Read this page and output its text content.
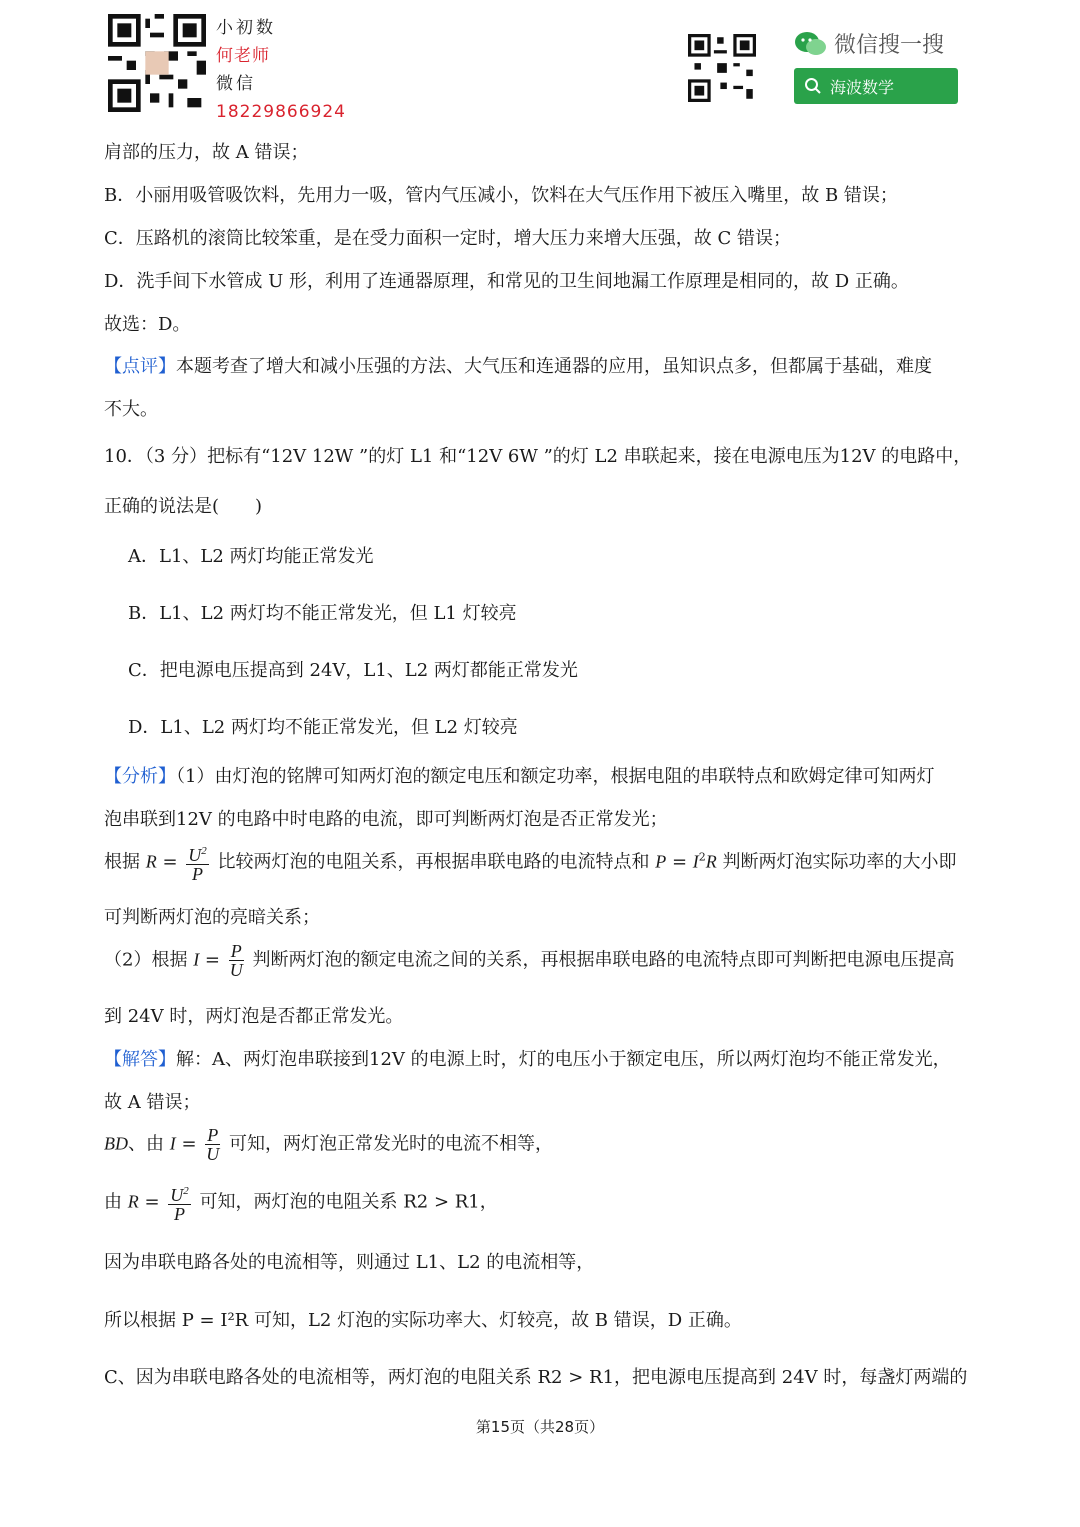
小初数
何老师
微信
18229866924
微信搜一搜
海波数学
肩部的压力，故 A 错误；
B．小丽用吸管吸饮料，先用力一吸，管内气压减小，饮料在大气压作用下被压入嘴里，故 B 错误；
C．压路机的滚筒比较笨重，是在受力面积一定时，增大压力来增大压强，故 C 错误；
D．洗手间下水管成 U 形，利用了连通器原理，和常见的卫生间地漏工作原理是相同的，故 D 正确。
故选：D。
【点评】本题考查了增大和减小压强的方法、大气压和连通器的应用，虽知识点多，但都属于基础，难度
不大。
10．（3 分）把标有“12V 12W ”的灯 L1 和“12V 6W ”的灯 L2 串联起来，接在电源电压为12V 的电路中，
正确的说法是(　　)
A．L1、L2 两灯均能正常发光
B．L1、L2 两灯均不能正常发光，但 L1 灯较亮
C．把电源电压提高到 24V，L1、L2 两灯都能正常发光
D．L1、L2 两灯均不能正常发光，但 L2 灯较亮
【分析】（1）由灯泡的铭牌可知两灯泡的额定电压和额定功率，根据电阻的串联特点和欧姆定律可知两灯
泡串联到12V 的电路中时电路的电流，即可判断两灯泡是否正常发光；
根据 $R = \frac{U^2}{P}$ 比较两灯泡的电阻关系，再根据串联电路的电流特点和 $P = I^2R$ 判断两灯泡实际功率的大小即
可判断两灯泡的亮暗关系；
（2）根据 $I = \frac{P}{U}$ 判断两灯泡的额定电流之间的关系，再根据串联电路的电流特点即可判断把电源电压提高
到 24V 时，两灯泡是否都正常发光。
【解答】解：A、两灯泡串联接到12V 的电源上时，灯的电压小于额定电压，所以两灯泡均不能正常发光，
故 A 错误；
BD、由 $I = \frac{P}{U}$ 可知，两灯泡正常发光时的电流不相等，
由 $R = \frac{U^2}{P}$ 可知，两灯泡的电阻关系 R2 > R1，
因为串联电路各处的电流相等，则通过 L1、L2 的电流相等，
所以根据 P = I²R 可知，L2 灯泡的实际功率大、灯较亮，故 B 错误，D 正确。
C、因为串联电路各处的电流相等，两灯泡的电阻关系 R2 > R1，把电源电压提高到 24V 时，每盏灯两端的
第15页（共28页）
